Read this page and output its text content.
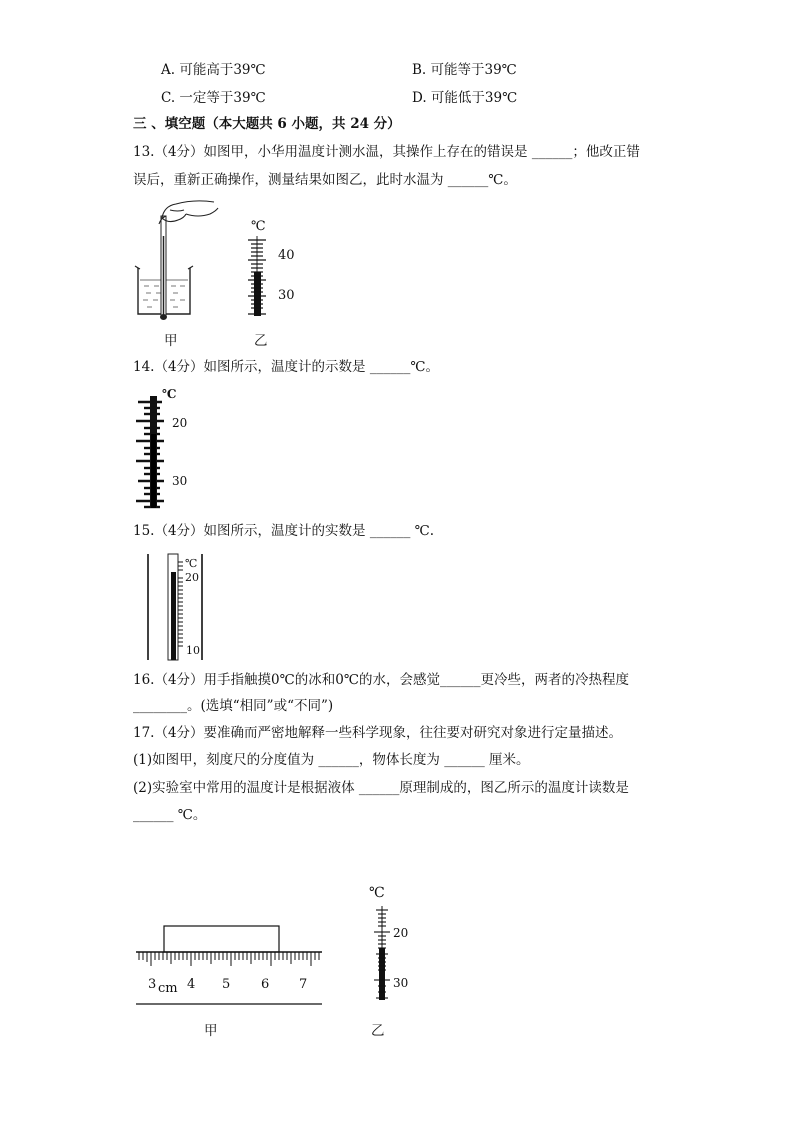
A. 可能高于39℃	B. 可能等于39℃
C. 一定等于39℃	D. 可能低于39℃
三 、填空题（本大题共 6 小题，共 24 分）
13.（4分）如图甲，小华用温度计测水温，其操作上存在的错误是 ______；他改正错
误后，重新正确操作，测量结果如图乙，此时水温为 ______℃。
℃
40
30
甲	乙
14.（4分）如图所示，温度计的示数是 ______℃。
℃
20
30
15.（4分）如图所示，温度计的实数是 ______ ℃.
℃
20
10
16.（4分）用手指触摸0℃的冰和0℃的水，会感觉______更冷些，两者的冷热程度
________。(选填“相同”或“不同”)
17.（4分）要准确而严密地解释一些科学现象，往往要对研究对象进行定量描述。
(1)如图甲，刻度尺的分度值为 ______，物体长度为 ______ 厘米。
(2)实验室中常用的温度计是根据液体 ______原理制成的，图乙所示的温度计读数是
______ ℃。
3 cm 4 5 6 7
甲
℃
20
30
乙
